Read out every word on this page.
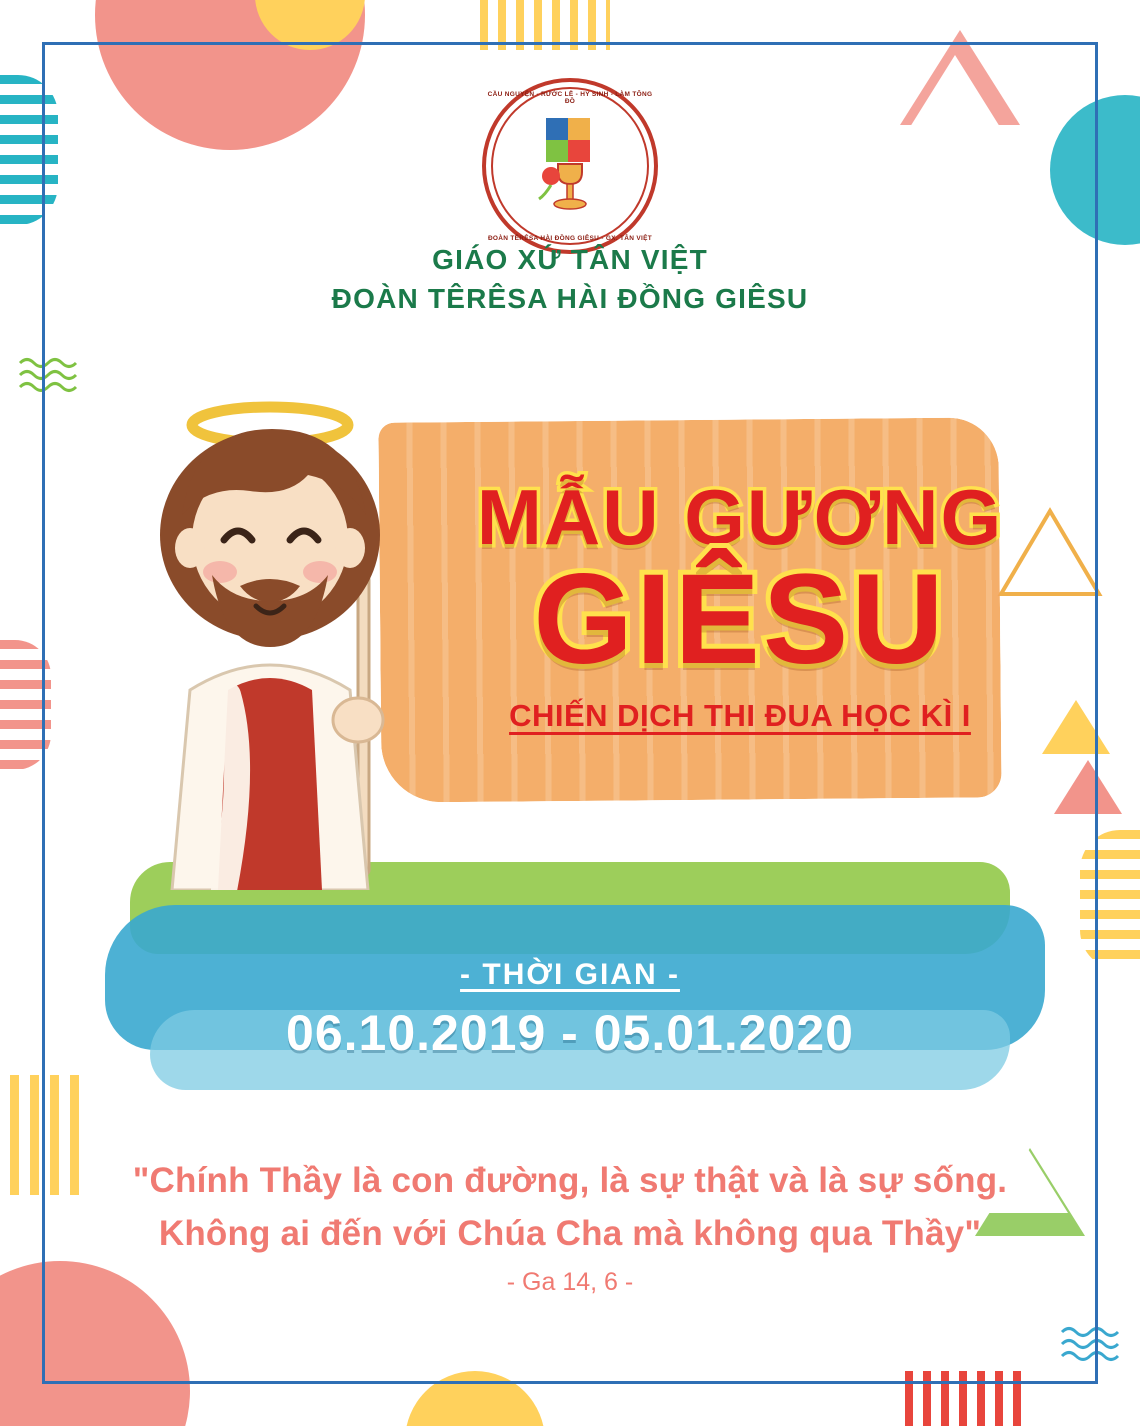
CẦU NGUYỆN - RƯỚC LỄ - HY SINH - LÀM TÔNG ĐỒ
ĐOÀN TÊRÊSA HÀI ĐỒNG GIÊSU - GX. TÂN VIỆT
GIÁO XỨ TÂN VIỆT
ĐOÀN TÊRÊSA HÀI ĐỒNG GIÊSU
MẪU GƯƠNG
GIÊSU
CHIẾN DỊCH THI ĐUA HỌC KÌ I
- THỜI GIAN -
06.10.2019 - 05.01.2020
"Chính Thầy là con đường, là sự thật và là sự sống.
Không ai đến với Chúa Cha mà không qua Thầy"
- Ga 14, 6 -
